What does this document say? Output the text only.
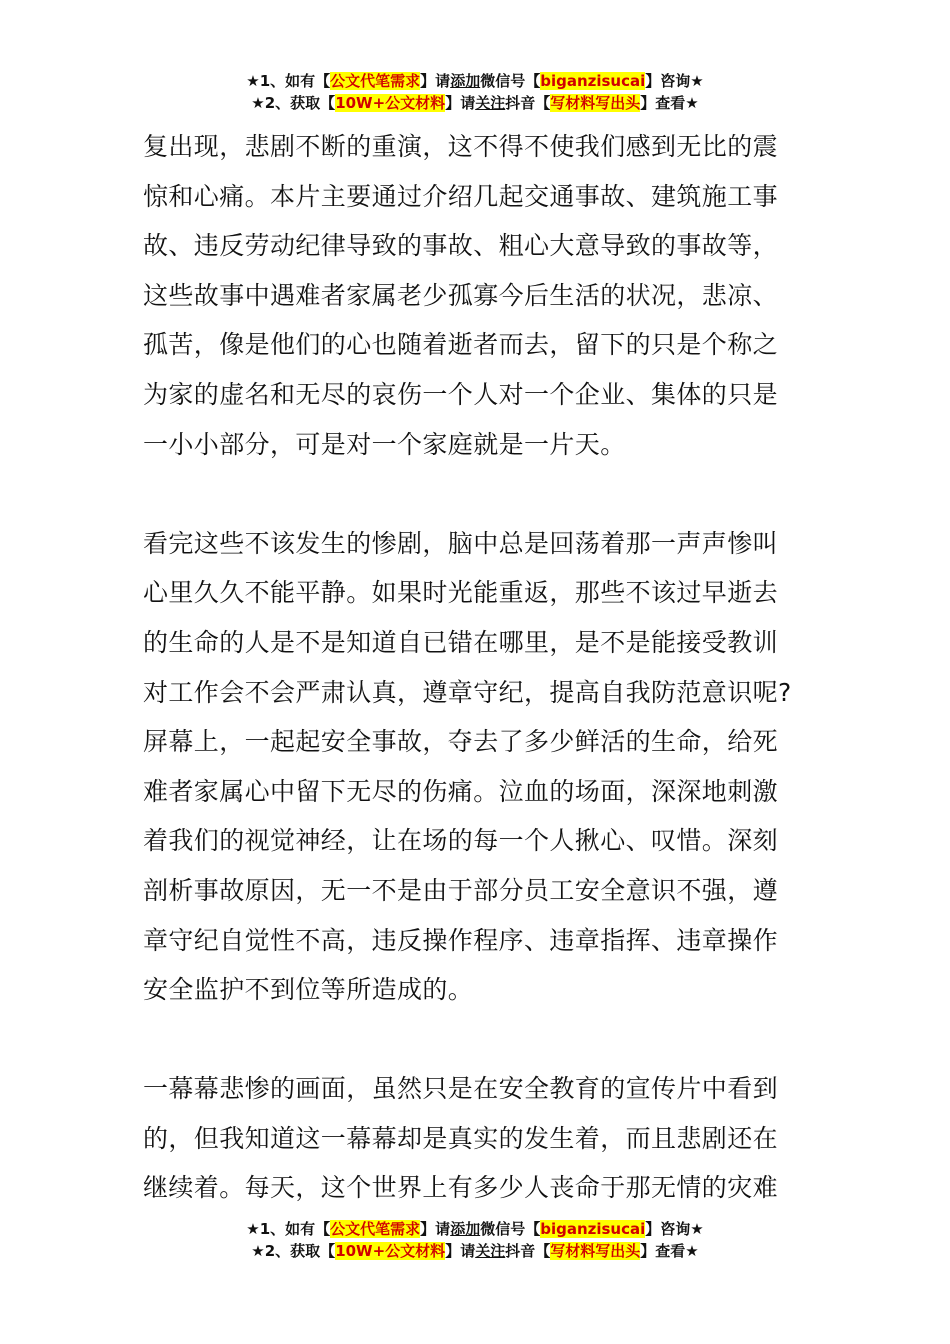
★1、如有【公文代笔需求】请添加微信号【biganzisucai】咨询★
★2、获取【10W+公文材料】请关注抖音【写材料写出头】查看★

复出现，悲剧不断的重演，这不得不使我们感到无比的震
惊和心痛。本片主要通过介绍几起交通事故、建筑施工事
故、违反劳动纪律导致的事故、粗心大意导致的事故等，
这些故事中遇难者家属老少孤寡今后生活的状况，悲凉、
孤苦，像是他们的心也随着逝者而去，留下的只是个称之
为家的虚名和无尽的哀伤一个人对一个企业、集体的只是
一小小部分，可是对一个家庭就是一片天。

看完这些不该发生的惨剧，脑中总是回荡着那一声声惨叫
心里久久不能平静。如果时光能重返，那些不该过早逝去
的生命的人是不是知道自已错在哪里，是不是能接受教训
对工作会不会严肃认真，遵章守纪，提高自我防范意识呢?
屏幕上，一起起安全事故，夺去了多少鲜活的生命，给死
难者家属心中留下无尽的伤痛。泣血的场面，深深地刺激
着我们的视觉神经，让在场的每一个人揪心、叹惜。深刻
剖析事故原因，无一不是由于部分员工安全意识不强，遵
章守纪自觉性不高，违反操作程序、违章指挥、违章操作
安全监护不到位等所造成的。

一幕幕悲惨的画面，虽然只是在安全教育的宣传片中看到
的，但我知道这一幕幕却是真实的发生着，而且悲剧还在
继续着。每天，这个世界上有多少人丧命于那无情的灾难

★1、如有【公文代笔需求】请添加微信号【biganzisucai】咨询★
★2、获取【10W+公文材料】请关注抖音【写材料写出头】查看★
